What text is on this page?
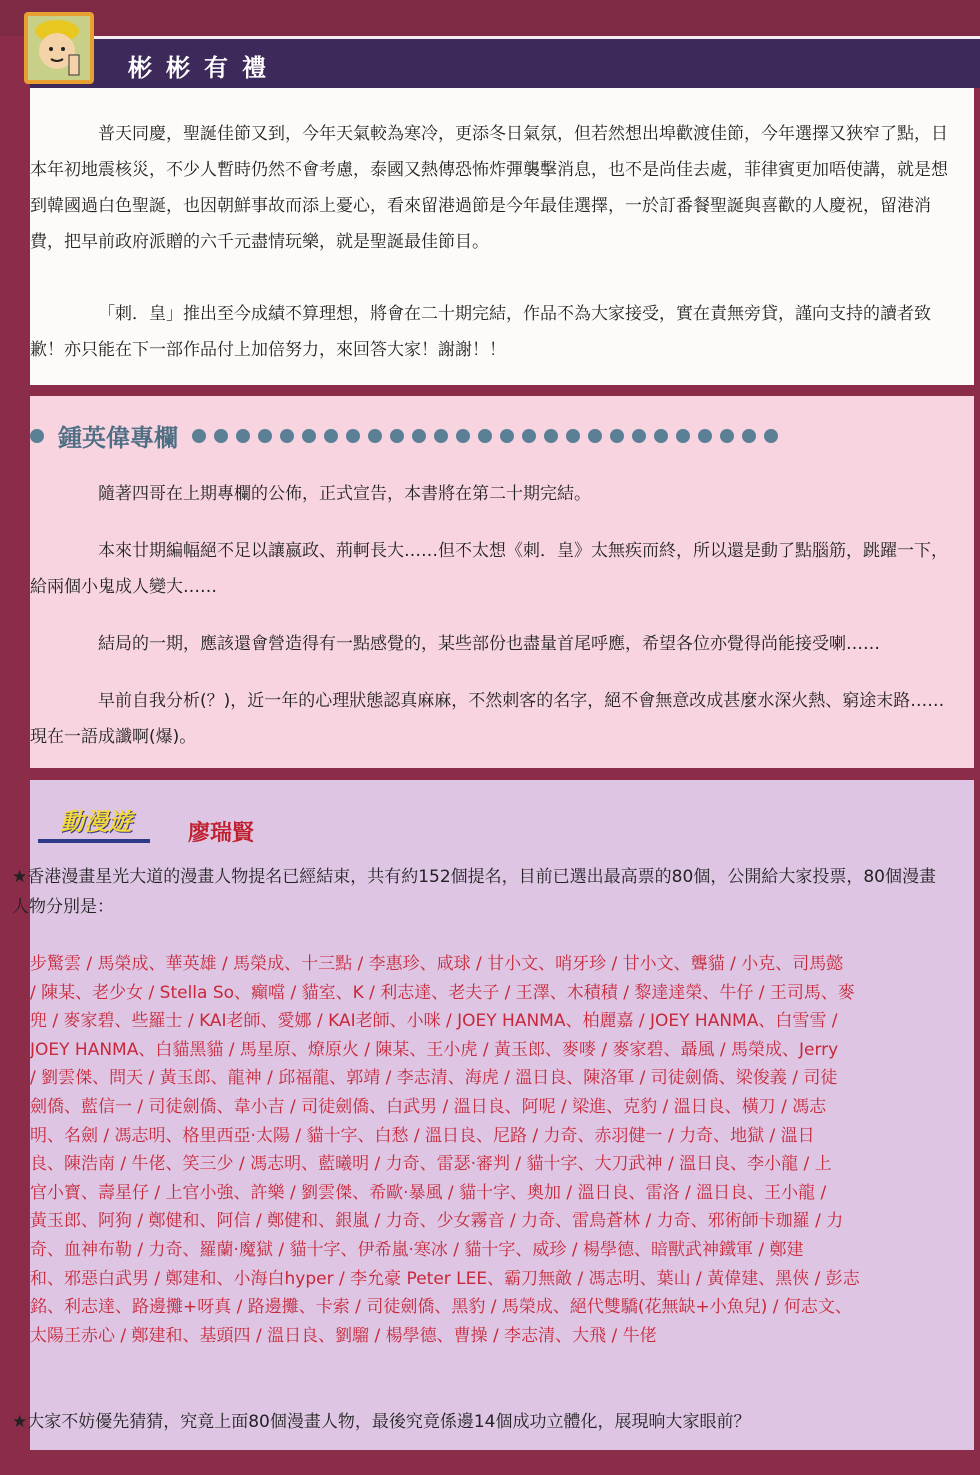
彬彬有禮

普天同慶，聖誕佳節又到，今年天氣較為寒冷，更添冬日氣氛，但若然想出埠歡渡佳節，今年選擇又狹窄了點，日本年初地震核災，不少人暫時仍然不會考慮，泰國又熱傳恐怖炸彈襲擊消息，也不是尚佳去處，菲律賓更加唔使講，就是想到韓國過白色聖誕，也因朝鮮事故而添上憂心，看來留港過節是今年最佳選擇，一於訂番餐聖誕與喜歡的人慶祝，留港消費，把早前政府派贈的六千元盡情玩樂，就是聖誕最佳節目。

「刺．皇」推出至今成績不算理想，將會在二十期完結，作品不為大家接受，實在責無旁貸，謹向支持的讀者致歉！亦只能在下一部作品付上加倍努力，來回答大家！謝謝！！

鍾英偉專欄

隨著四哥在上期專欄的公佈，正式宣告，本書將在第二十期完結。

本來廿期編幅絕不足以讓嬴政、荊軻長大……但不太想《刺．皇》太無疾而終，所以還是動了點腦筋，跳躍一下，給兩個小鬼成人變大……

結局的一期，應該還會營造得有一點感覺的，某些部份也盡量首尾呼應，希望各位亦覺得尚能接受喇……

早前自我分析(？)，近一年的心理狀態認真麻麻，不然刺客的名字，絕不會無意改成甚麼水深火熱、窮途末路……現在一語成讖啊(爆)。

動漫遊	廖瑞賢

★香港漫畫星光大道的漫畫人物提名已經結束，共有約152個提名，目前已選出最高票的80個，公開給大家投票，80個漫畫人物分別是：

步驚雲 / 馬榮成、華英雄 / 馬榮成、十三點 / 李惠珍、咸球 / 甘小文、哨牙珍 / 甘小文、聾貓 / 小克、司馬懿
/ 陳某、老少女 / Stella So、癲噹 / 貓室、K / 利志達、老夫子 / 王澤、木積積 / 黎達達榮、牛仔 / 王司馬、麥
兜 / 麥家碧、些羅士 / KAI老師、愛娜 / KAI老師、小咪 / JOEY HANMA、柏麗嘉 / JOEY HANMA、白雪雪 /
JOEY HANMA、白貓黑貓 / 馬星原、燎原火 / 陳某、王小虎 / 黃玉郎、麥嘜 / 麥家碧、聶風 / 馬榮成、Jerry
/ 劉雲傑、問天 / 黃玉郎、龍神 / 邱福龍、郭靖 / 李志清、海虎 / 溫日良、陳洛軍 / 司徒劍僑、梁俊義 / 司徒
劍僑、藍信一 / 司徒劍僑、韋小吉 / 司徒劍僑、白武男 / 溫日良、阿呢 / 梁進、克豹 / 溫日良、橫刀 / 馮志
明、名劍 / 馮志明、格里西亞‧太陽 / 貓十字、白愁 / 溫日良、尼路 / 力奇、赤羽健一 / 力奇、地獄 / 溫日
良、陳浩南 / 牛佬、笑三少 / 馮志明、藍曦明 / 力奇、雷瑟‧審判 / 貓十字、大刀武神 / 溫日良、李小龍 / 上
官小寶、壽星仔 / 上官小強、許樂 / 劉雲傑、希歐‧暴風 / 貓十字、奧加 / 溫日良、雷洛 / 溫日良、王小龍 /
黃玉郎、阿狗 / 鄭健和、阿信 / 鄭健和、銀嵐 / 力奇、少女霧音 / 力奇、雷鳥蒼林 / 力奇、邪術師卡珈羅 / 力
奇、血神布勒 / 力奇、羅蘭‧魔獄 / 貓十字、伊希嵐‧寒冰 / 貓十字、威珍 / 楊學德、暗獸武神鐵軍 / 鄭建
和、邪惡白武男 / 鄭建和、小海白hyper / 李允豪 Peter LEE、霸刀無敵 / 馮志明、葉山 / 黃偉建、黑俠 / 彭志
銘、利志達、路邊攤+呀真 / 路邊攤、卡索 / 司徒劍僑、黑豹 / 馬榮成、絕代雙驕(花無缺+小魚兒) / 何志文、
太陽王赤心 / 鄭建和、基頭四 / 溫日良、劉騮 / 楊學德、曹操 / 李志清、大飛 / 牛佬

★大家不妨優先猜猜，究竟上面80個漫畫人物，最後究竟係邊14個成功立體化，展現晌大家眼前？
